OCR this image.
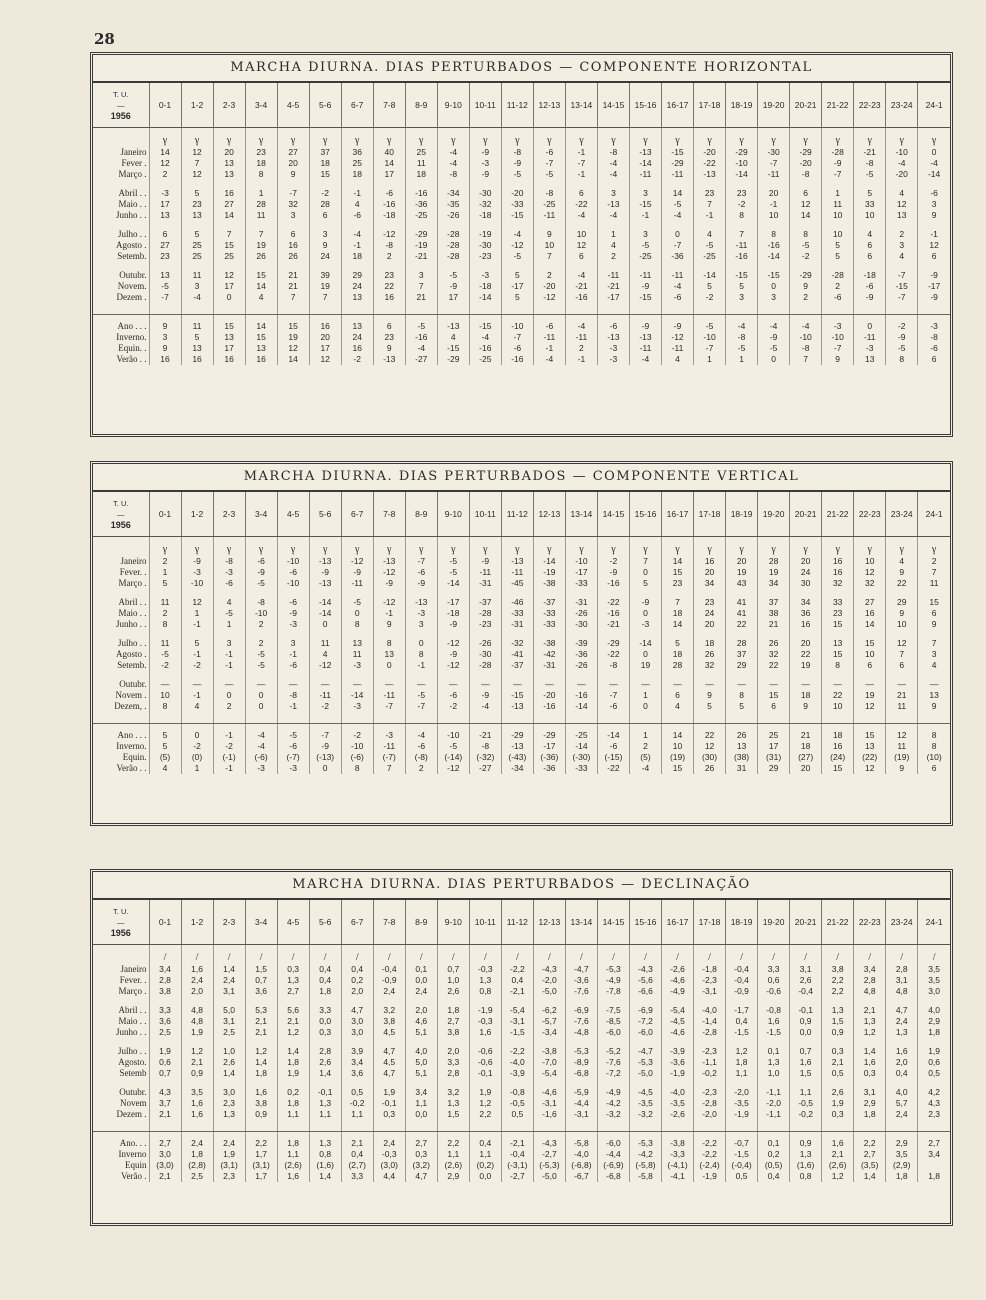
28
MARCHA DIURNA. DIAS PERTURBADOS — COMPONENTE HORIZONTAL
T. U.
—
1956	0-1	1-2	2-3	3-4	4-5	5-6	6-7	7-8	8-9	9-10	10-11	11-12	12-13	13-14	14-15	15-16	16-17	17-18	18-19	19-20	20-21	21-22	22-23	23-24	24-1
	γ	γ	γ	γ	γ	γ	γ	γ	γ	γ	γ	γ	γ	γ	γ	γ	γ	γ	γ	γ	γ	γ	γ	γ	γ
Janeiro	14	12	20	23	27	37	36	40	25	-4	-9	-8	-6	-1	-8	-13	-15	-20	-29	-30	-29	-28	-21	-10	0
Fever .	12	7	13	18	20	18	25	14	11	-4	-3	-9	-7	-7	-4	-14	-29	-22	-10	-7	-20	-9	-8	-4	-4
Março .	2	12	13	8	9	15	18	17	18	-8	-9	-5	-5	-1	-4	-11	-11	-13	-14	-11	-8	-7	-5	-20	-14

Abril . .	-3	5	16	1	-7	-2	-1	-6	-16	-34	-30	-20	-8	6	3	3	14	23	23	20	6	1	5	4	-6
Maio . .	17	23	27	28	32	28	4	-16	-36	-35	-32	-33	-25	-22	-13	-15	-5	7	-2	-1	12	11	33	12	3
Junho . .	13	13	14	11	3	6	-6	-18	-25	-26	-18	-15	-11	-4	-4	-1	-4	-1	8	10	14	10	10	13	9

Julho . .	6	5	7	7	6	3	-4	-12	-29	-28	-19	-4	9	10	1	3	0	4	7	8	8	10	4	2	-1
Agosto .	27	25	15	19	16	9	-1	-8	-19	-28	-30	-12	10	12	4	-5	-7	-5	-11	-16	-5	5	6	3	12
Setemb.	23	25	25	26	26	24	18	2	-21	-28	-23	-5	7	6	2	-25	-36	-25	-16	-14	-2	5	6	4	6

Outubr.	13	11	12	15	21	39	29	23	3	-5	-3	5	2	-4	-11	-11	-11	-14	-15	-15	-29	-28	-18	-7	-9
Novem.	-5	3	17	14	21	19	24	22	7	-9	-18	-17	-20	-21	-21	-9	-4	5	5	0	9	2	-6	-15	-17
Dezem .	-7	-4	0	4	7	7	13	16	21	17	-14	5	-12	-16	-17	-15	-6	-2	3	3	2	-6	-9	-7	-9

Ano . . .	9	11	15	14	15	16	13	6	-5	-13	-15	-10	-6	-4	-6	-9	-9	-5	-4	-4	-4	-3	0	-2	-3
Inverno.	3	5	13	15	19	20	24	23	-16	4	-4	-7	-11	-11	-13	-13	-12	-10	-8	-9	-10	-10	-11	-9	-8
Equin. .	9	13	17	13	12	17	16	9	-4	-15	-16	-6	-1	2	-3	-11	-11	-7	-5	-5	-8	-7	-3	-5	-6
Verão . .	16	16	16	16	14	12	-2	-13	-27	-29	-25	-16	-4	-1	-3	-4	4	1	1	0	7	9	13	8	6
MARCHA DIURNA. DIAS PERTURBADOS — COMPONENTE VERTICAL
T. U.
—
1956	0-1	1-2	2-3	3-4	4-5	5-6	6-7	7-8	8-9	9-10	10-11	11-12	12-13	13-14	14-15	15-16	16-17	17-18	18-19	19-20	20-21	21-22	22-23	23-24	24-1
	γ	γ	γ	γ	γ	γ	γ	γ	γ	γ	γ	γ	γ	γ	γ	γ	γ	γ	γ	γ	γ	γ	γ	γ	γ
Janeiro	2	-9	-8	-6	-10	-13	-12	-13	-7	-5	-9	-13	-14	-10	-2	7	14	16	20	28	20	16	10	4	2
Fever. .	1	-3	-3	-9	-6	-9	-9	-12	-6	-5	-11	-11	-19	-17	-9	0	15	20	19	19	24	16	12	9	7
Março .	5	-10	-6	-5	-10	-13	-11	-9	-9	-14	-31	-45	-38	-33	-16	5	23	34	43	34	30	32	32	22	11

Abril . .	11	12	4	-8	-6	-14	-5	-12	-13	-17	-37	-46	-37	-31	-22	-9	7	23	41	37	34	33	27	29	15
Maio . .	2	1	-5	-10	-9	-14	0	-1	-3	-18	-28	-33	-33	-26	-16	0	18	24	41	38	36	23	16	9	6
Junho . .	8	-1	1	2	-3	0	8	9	3	-9	-23	-31	-33	-30	-21	-3	14	20	22	21	16	15	14	10	9

Julho . .	11	5	3	2	3	11	13	8	0	-12	-26	-32	-38	-39	-29	-14	5	18	28	26	20	13	15	12	7
Agosto .	-5	-1	-1	-5	-1	4	11	13	8	-9	-30	-41	-42	-36	-22	0	18	26	37	32	22	15	10	7	3
Setemb.	-2	-2	-1	-5	-6	-12	-3	0	-1	-12	-28	-37	-31	-26	-8	19	28	32	29	22	19	8	6	6	4

Outubr.	—	—	—	—	—	—	—	—	—	—	—	—	—	—	—	—	—	—	—	—	—	—	—	—	—
Novem .	10	-1	0	0	-8	-11	-14	-11	-5	-6	-9	-15	-20	-16	-7	1	6	9	8	15	18	22	19	21	13
Dezem, .	8	4	2	0	-1	-2	-3	-7	-7	-2	-4	-13	-16	-14	-6	0	4	5	5	6	9	10	12	11	9

Ano . . .	5	0	-1	-4	-5	-7	-2	-3	-4	-10	-21	-29	-29	-25	-14	1	14	22	26	25	21	18	15	12	8
Inverno.	5	-2	-2	-4	-6	-9	-10	-11	-6	-5	-8	-13	-17	-14	-6	2	10	12	13	17	18	16	13	11	8
Equin.	(5)	(0)	(-1)	(-6)	(-7)	(-13)	(-6)	(-7)	(-8)	(-14)	(-32)	(-43)	(-36)	(-30)	(-15)	(5)	(19)	(30)	(38)	(31)	(27)	(24)	(22)	(19)	(10)
Verão . .	4	1	-1	-3	-3	0	8	7	2	-12	-27	-34	-36	-33	-22	-4	15	26	31	29	20	15	12	9	6
MARCHA DIURNA. DIAS PERTURBADOS — DECLINAÇÃO
T. U.
—
1956	0-1	1-2	2-3	3-4	4-5	5-6	6-7	7-8	8-9	9-10	10-11	11-12	12-13	13-14	14-15	15-16	16-17	17-18	18-19	19-20	20-21	21-22	22-23	23-24	24-1
	/	/	/	/	/	/	/	/	/	/	/	/	/	/	/	/	/	/	/	/	/	/	/	/	/
Janeiro	3,4	1,6	1,4	1,5	0,3	0,4	0,4	-0,4	0,1	0,7	-0,3	-2,2	-4,3	-4,7	-5,3	-4,3	-2,6	-1,8	-0,4	3,3	3,1	3,8	3,4	2,8	3,5
Fever. .	2,8	2,4	2,4	0,7	1,3	0,4	0,2	-0,9	0,0	1,0	1,3	0,4	-2,0	-3,6	-4,9	-5,6	-4,6	-2,3	-0,4	0,6	2,6	2,2	2,8	3,1	3,5
Março .	3,8	2,0	3,1	3,6	2,7	1,8	2,0	2,4	2,4	2,6	0,8	-2,1	-5,0	-7,6	-7,8	-6,6	-4,9	-3,1	-0,9	-0,6	-0,4	2,2	4,8	4,8	3,0

Abril . .	3,3	4,8	5,0	5,3	5,6	3,3	4,7	3,2	2,0	1,8	-1,9	-5,4	-6,2	-6,9	-7,5	-6,9	-5,4	-4,0	-1,7	-0,8	-0,1	1,3	2,1	4,7	4,0
Maio . .	3,6	4,8	3,1	2,1	2,1	0,0	3,0	3,8	4,6	2,7	-0,3	-3,1	-5,7	-7,6	-8,5	-7,2	-4,5	-1,4	0,4	1,6	0,9	1,5	1,3	2,4	2,9
Junho . .	2,5	1,9	2,5	2,1	1,2	0,3	3,0	4,5	5,1	3,8	1,6	-1,5	-3,4	-4,8	-6,0	-6,0	-4,6	-2,8	-1,5	-1,5	0,0	0,9	1,2	1,3	1,8

Julho . .	1,9	1,2	1,0	1,2	1,4	2,8	3,9	4,7	4,0	2,0	-0,6	-2,2	-3,8	-5,3	-5,2	-4,7	-3,9	-2,3	1,2	0,1	0,7	0,3	1,4	1,6	1,9
Agosto.	0,6	2,1	2,6	1,4	1,8	2,6	3,4	4,5	5,0	3,3	-0,6	-4,0	-7,0	-8,9	-7,6	-5,3	-3,6	-1,1	1,8	1,3	1,6	2,1	1,6	2,0	0,6
Setemb	0,7	0,9	1,4	1,8	1,9	1,4	3,6	4,7	5,1	2,8	-0,1	-3,9	-5,4	-6,8	-7,2	-5,0	-1,9	-0,2	1,1	1,0	1,5	0,5	0,3	0,4	0,5

Outubr.	4,3	3,5	3,0	1,6	0,2	-0,1	0,5	1,9	3,4	3,2	1,9	-0,8	-4,6	-5,9	-4,9	-4,5	-4,0	-2,3	-2,0	-1,1	1,1	2,6	3,1	4,0	4,2
Novem	3,7	1,6	2,3	3,8	1,8	1,3	-0,2	-0,1	1,1	1,3	1,2	-0,5	-3,1	-4,4	-4,2	-3,5	-3,5	-2,8	-3,5	-2,0	-0,5	1,9	2,9	5,7	4,3
Dezem .	2,1	1,6	1,3	0,9	1,1	1,1	1,1	0,3	0,0	1,5	2,2	0,5	-1,6	-3,1	-3,2	-3,2	-2,6	-2,0	-1,9	-1,1	-0,2	0,3	1,8	2,4	2,3

Ano. . .	2,7	2,4	2,4	2,2	1,8	1,3	2,1	2,4	2,7	2,2	0,4	-2,1	-4,3	-5,8	-6,0	-5,3	-3,8	-2,2	-0,7	0,1	0,9	1,6	2,2	2,9	2,7
Inverno	3,0	1,8	1,9	1,7	1,1	0,8	0,4	-0,3	0,3	1,1	1,1	-0,4	-2,7	-4,0	-4,4	-4,2	-3,3	-2,2	-1,5	0,2	1,3	2,1	2,7	3,5	3,4
Equin	(3,0)	(2,8)	(3,1)	(3,1)	(2,6)	(1,6)	(2,7)	(3,0)	(3,2)	(2,6)	(0,2)	(-3,1)	(-5,3)	(-6,8)	(-6,9)	(-5,8)	(-4,1)	(-2,4)	(-0,4)	(0,5)	(1,6)	(2,6)	(3,5)	(2,9)	
Verão .	2,1	2,5	2,3	1,7	1,6	1,4	3,3	4,4	4,7	2,9	0,0	-2,7	-5,0	-6,7	-6,8	-5,8	-4,1	-1,9	0,5	0,4	0,8	1,2	1,4	1,8	1,8
